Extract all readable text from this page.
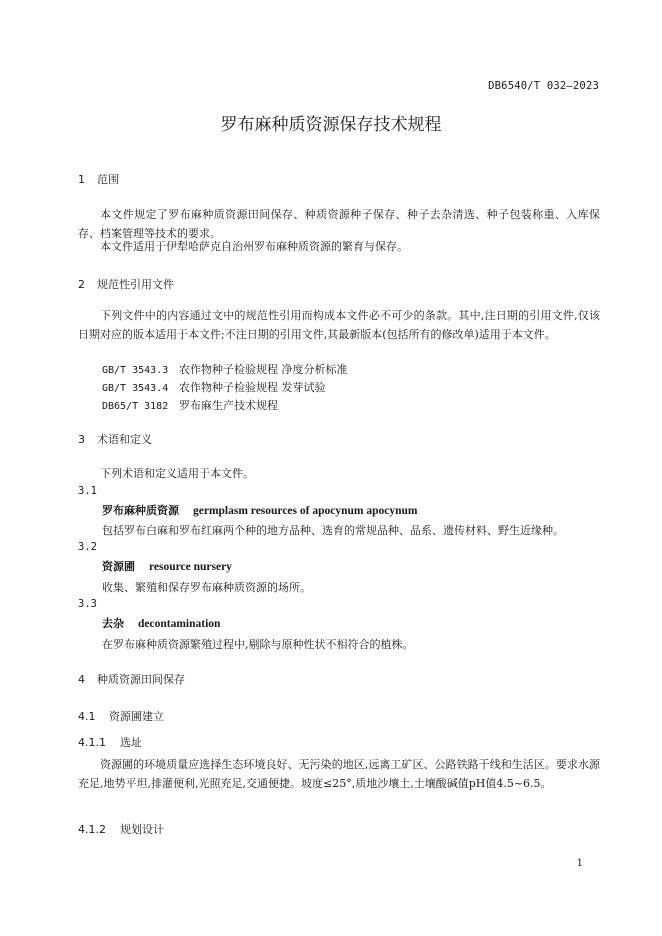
DB6540/T 032—2023
罗布麻种质资源保存技术规程
1 范围
本文件规定了罗布麻种质资源田间保存、种质资源种子保存、种子去杂清选、种子包装称重、入库保存、档案管理等技术的要求。
本文件适用于伊犁哈萨克自治州罗布麻种质资源的繁育与保存。
2 规范性引用文件
下列文件中的内容通过文中的规范性引用而构成本文件必不可少的条款。其中,注日期的引用文件,仅该日期对应的版本适用于本文件;不注日期的引用文件,其最新版本(包括所有的修改单)适用于本文件。
GB/T 3543.3 农作物种子检验规程 净度分析标准
GB/T 3543.4 农作物种子检验规程 发芽试验
DB65/T 3182 罗布麻生产技术规程
3 术语和定义
下列术语和定义适用于本文件。
3.1
罗布麻种质资源 germplasm resources of apocynum apocynum
包括罗布白麻和罗布红麻两个种的地方品种、选育的常规品种、品系、遗传材料、野生近缘种。
3.2
资源圃 resource nursery
收集、繁殖和保存罗布麻种质资源的场所。
3.3
去杂 decontamination
在罗布麻种质资源繁殖过程中,剔除与原种性状不相符合的植株。
4 种质资源田间保存
4.1 资源圃建立
4.1.1 选址
资源圃的环境质量应选择生态环境良好、无污染的地区,远离工矿区、公路铁路干线和生活区。要求水源充足,地势平坦,排灌便利,光照充足,交通便捷。坡度≤25°,质地沙壤土,土壤酸碱值pH值4.5~6.5。
4.1.2 规划设计
1
